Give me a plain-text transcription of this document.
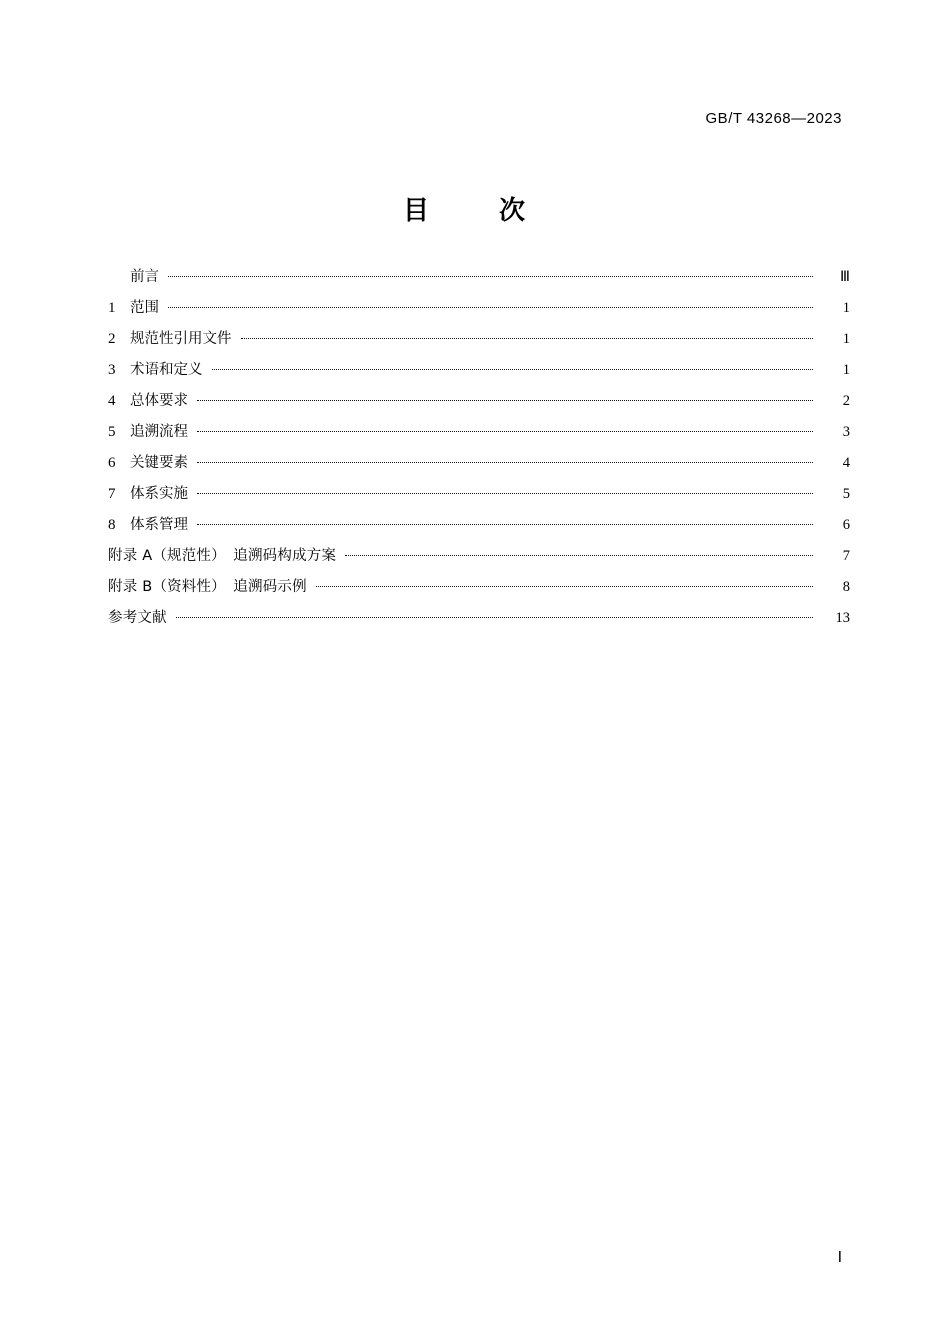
GB/T 43268—2023
目　次
前言	Ⅲ
1	范围	1
2	规范性引用文件	1
3	术语和定义	1
4	总体要求	2
5	追溯流程	3
6	关键要素	4
7	体系实施	5
8	体系管理	6
附录 A（规范性）　追溯码构成方案	7
附录 B（资料性）　追溯码示例	8
参考文献	13
Ⅰ
